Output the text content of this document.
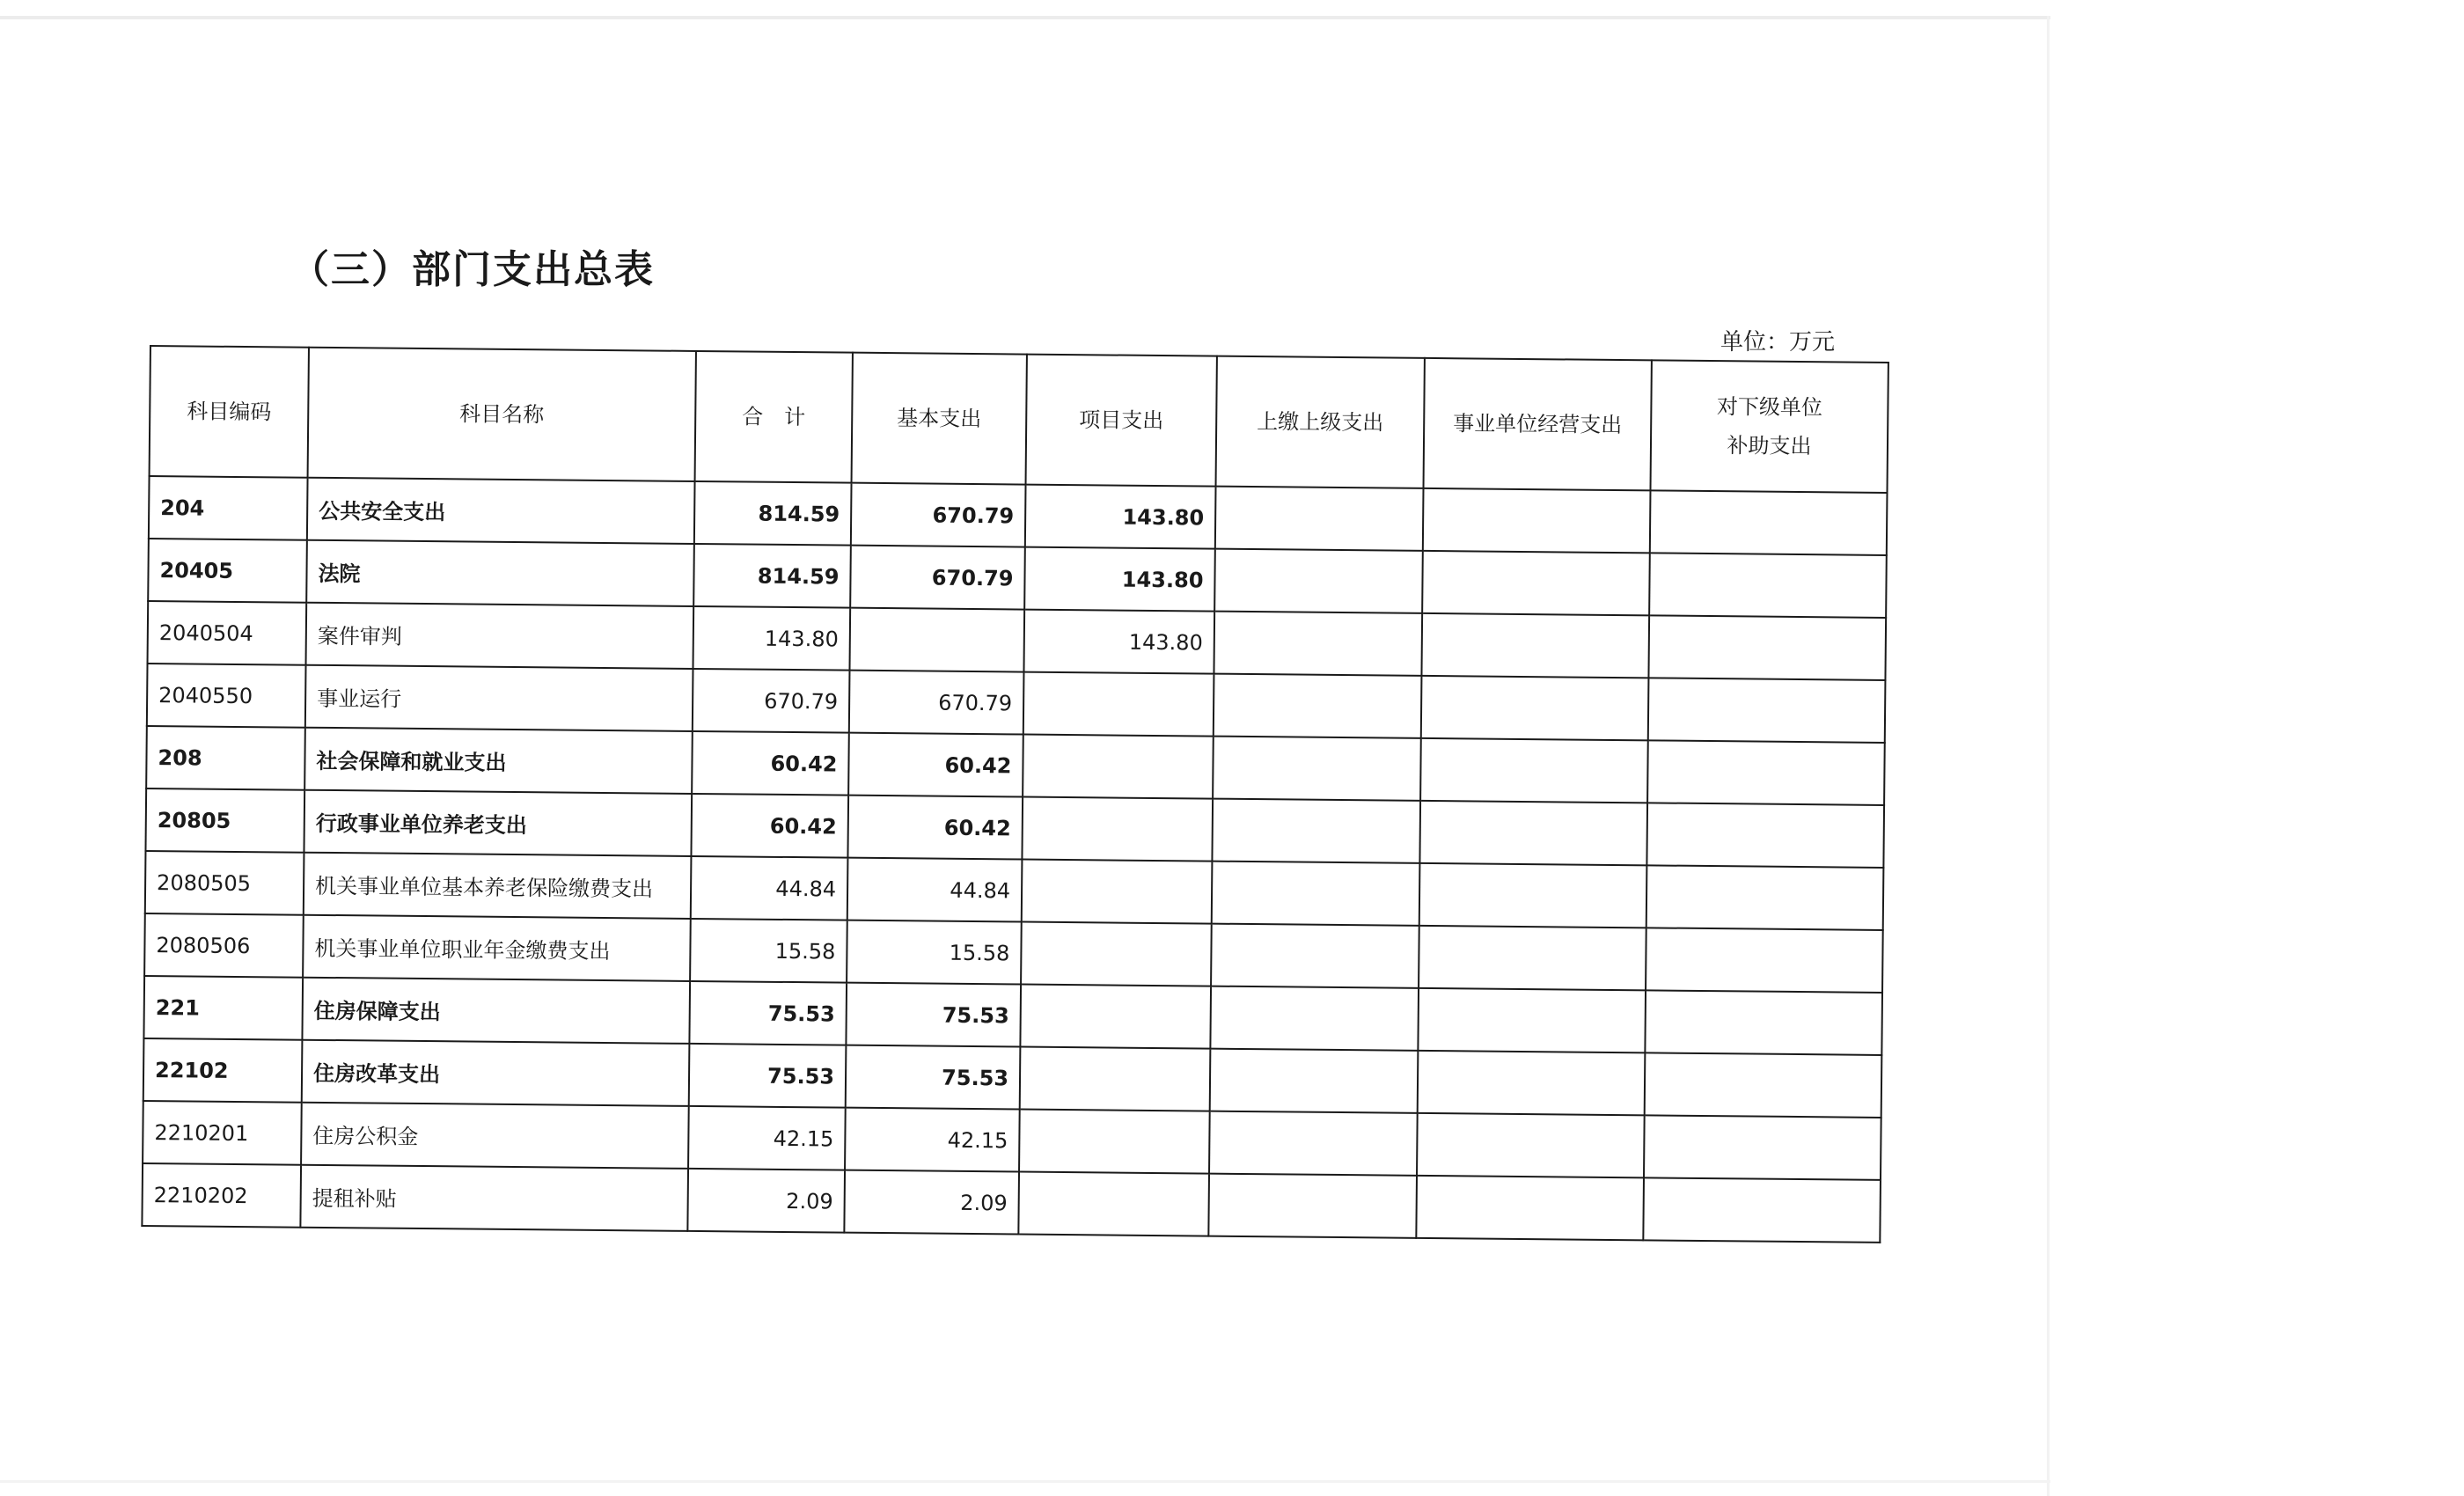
（三）部门支出总表
单位：万元
科目编码	科目名称	合　计	基本支出	项目支出	上缴上级支出	事业单位经营支出	对下级单位
补助支出
204	公共安全支出	814.59	670.79	143.80			
20405	法院	814.59	670.79	143.80			
2040504	案件审判	143.80		143.80			
2040550	事业运行	670.79	670.79				
208	社会保障和就业支出	60.42	60.42				
20805	行政事业单位养老支出	60.42	60.42				
2080505	机关事业单位基本养老保险缴费支出	44.84	44.84				
2080506	机关事业单位职业年金缴费支出	15.58	15.58				
221	住房保障支出	75.53	75.53				
22102	住房改革支出	75.53	75.53				
2210201	住房公积金	42.15	42.15				
2210202	提租补贴	2.09	2.09				
